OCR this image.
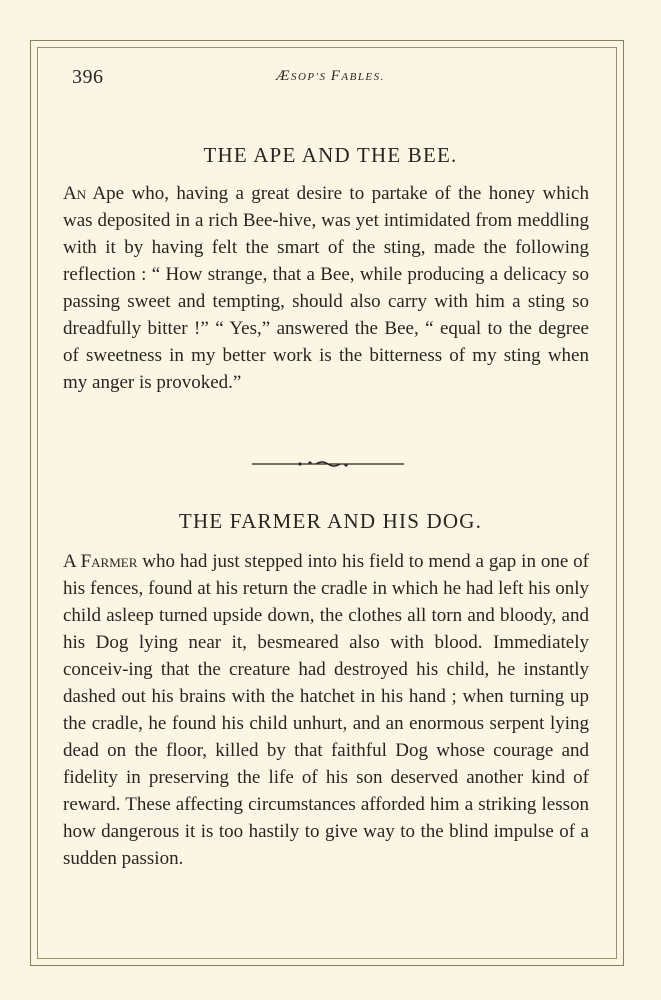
396	ÆSOP'S FABLES.
THE APE AND THE BEE.

An Ape who, having a great desire to partake of the honey which was deposited in a rich Bee-hive, was yet intimidated from meddling with it by having felt the smart of the sting, made the following reflection : “ How strange, that a Bee, while producing a delicacy so passing sweet and tempting, should also carry with him a sting so dreadfully bitter !” “ Yes,” answered the Bee, “ equal to the degree of sweetness in my better work is the bitterness of my sting when my anger is provoked.”

THE FARMER AND HIS DOG.

A Farmer who had just stepped into his field to mend a gap in one of his fences, found at his return the cradle in which he had left his only child asleep turned upside down, the clothes all torn and bloody, and his Dog lying near it, besmeared also with blood. Immediately conceiv-ing that the creature had destroyed his child, he instantly dashed out his brains with the hatchet in his hand ; when turning up the cradle, he found his child unhurt, and an enormous serpent lying dead on the floor, killed by that faithful Dog whose courage and fidelity in preserving the life of his son deserved another kind of reward. These affecting circumstances afforded him a striking lesson how dangerous it is too hastily to give way to the blind impulse of a sudden passion.
